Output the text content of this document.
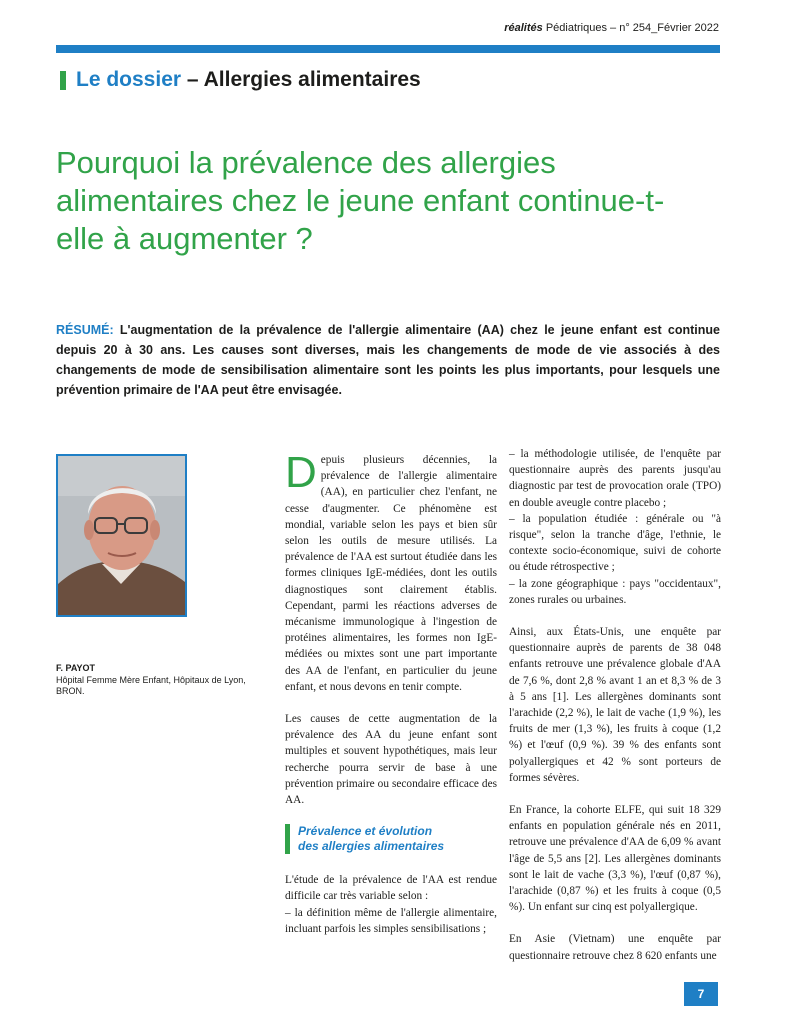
réalités Pédiatriques – n° 254_Février 2022
Le dossier – Allergies alimentaires
Pourquoi la prévalence des allergies alimentaires chez le jeune enfant continue-t-elle à augmenter ?

RÉSUMÉ: L'augmentation de la prévalence de l'allergie alimentaire (AA) chez le jeune enfant est continue depuis 20 à 30 ans. Les causes sont diverses, mais les changements de mode de vie associés à des changements de mode de sensibilisation alimentaire sont les points les plus importants, pour lesquels une prévention primaire de l'AA peut être envisagée.

F. PAYOT
Hôpital Femme Mère Enfant, Hôpitaux de Lyon, BRON.

Depuis plusieurs décennies, la prévalence de l'allergie alimentaire (AA), en particulier chez l'enfant, ne cesse d'augmenter. Ce phénomène est mondial, variable selon les pays et bien sûr selon les outils de mesure utilisés. La prévalence de l'AA est surtout étudiée dans les formes cliniques IgE-médiées, dont les outils diagnostiques sont clairement établis. Cependant, parmi les réactions adverses de mécanisme immunologique à l'ingestion de protéines alimentaires, les formes non IgE-médiées ou mixtes sont une part importante des AA de l'enfant, en particulier du jeune enfant, et nous devons en tenir compte.

Les causes de cette augmentation de la prévalence des AA du jeune enfant sont multiples et souvent hypothétiques, mais leur recherche pourra servir de base à une prévention primaire ou secondaire efficace des AA.

Prévalence et évolution
des allergies alimentaires

L'étude de la prévalence de l'AA est rendue difficile car très variable selon :

– la définition même de l'allergie alimentaire, incluant parfois les simples sensibilisations ;

– la méthodologie utilisée, de l'enquête par questionnaire auprès des parents jusqu'au diagnostic par test de provocation orale (TPO) en double aveugle contre placebo ;

– la population étudiée : générale ou "à risque", selon la tranche d'âge, l'ethnie, le contexte socio-économique, suivi de cohorte ou étude rétrospective ;

– la zone géographique : pays "occidentaux", zones rurales ou urbaines.

Ainsi, aux États-Unis, une enquête par questionnaire auprès de parents de 38 048 enfants retrouve une prévalence globale d'AA de 7,6 %, dont 2,8 % avant 1 an et 8,3 % de 3 à 5 ans [1]. Les allergènes dominants sont l'arachide (2,2 %), le lait de vache (1,9 %), les fruits de mer (1,3 %), les fruits à coque (1,2 %) et l'œuf (0,9 %). 39 % des enfants sont polyallergiques et 42 % sont porteurs de formes sévères.

En France, la cohorte ELFE, qui suit 18 329 enfants en population générale nés en 2011, retrouve une prévalence d'AA de 6,09 % avant l'âge de 5,5 ans [2]. Les allergènes dominants sont le lait de vache (3,3 %), l'œuf (0,87 %), l'arachide (0,87 %) et les fruits à coque (0,5 %). Un enfant sur cinq est polyallergique.

En Asie (Vietnam) une enquête par questionnaire retrouve chez 8 620 enfants une

7
